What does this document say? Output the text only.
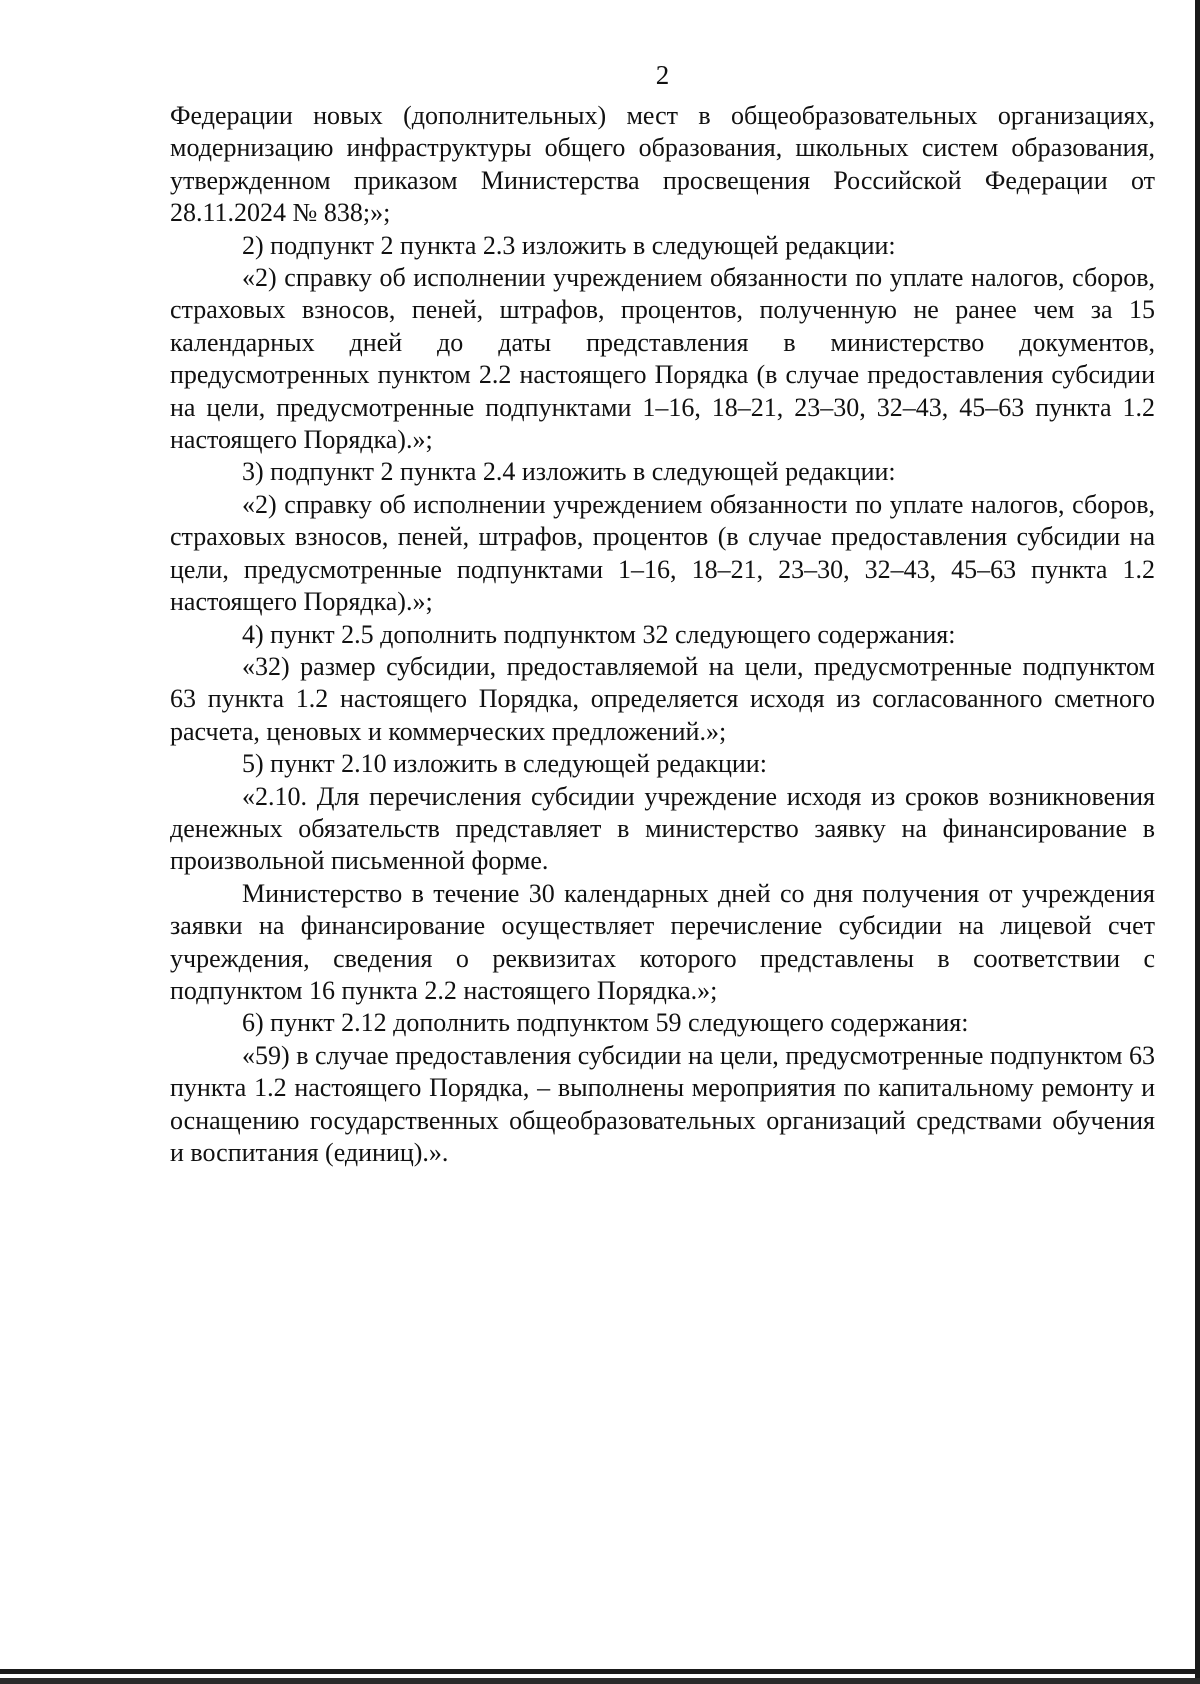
2

Федерации новых (дополнительных) мест в общеобразовательных организациях, модернизацию инфраструктуры общего образования, школьных систем образования, утвержденном приказом Министерства просвещения Российской Федерации от 28.11.2024 № 838;»;

2) подпункт 2 пункта 2.3 изложить в следующей редакции:

«2) справку об исполнении учреждением обязанности по уплате налогов, сборов, страховых взносов, пеней, штрафов, процентов, полученную не ранее чем за 15 календарных дней до даты представления в министерство документов, предусмотренных пунктом 2.2 настоящего Порядка (в случае предоставления субсидии на цели, предусмотренные подпунктами 1–16, 18–21, 23–30, 32–43, 45–63 пункта 1.2 настоящего Порядка).»;

3) подпункт 2 пункта 2.4 изложить в следующей редакции:

«2) справку об исполнении учреждением обязанности по уплате налогов, сборов, страховых взносов, пеней, штрафов, процентов (в случае предоставления субсидии на цели, предусмотренные подпунктами 1–16, 18–21, 23–30, 32–43, 45–63 пункта 1.2 настоящего Порядка).»;

4) пункт 2.5 дополнить подпунктом 32 следующего содержания:

«32) размер субсидии, предоставляемой на цели, предусмотренные подпунктом 63 пункта 1.2 настоящего Порядка, определяется исходя из согласованного сметного расчета, ценовых и коммерческих предложений.»;

5) пункт 2.10 изложить в следующей редакции:

«2.10. Для перечисления субсидии учреждение исходя из сроков возникновения денежных обязательств представляет в министерство заявку на финансирование в произвольной письменной форме.

Министерство в течение 30 календарных дней со дня получения от учреждения заявки на финансирование осуществляет перечисление субсидии на лицевой счет учреждения, сведения о реквизитах которого представлены в соответствии с подпунктом 16 пункта 2.2 настоящего Порядка.»;

6) пункт 2.12 дополнить подпунктом 59 следующего содержания:

«59) в случае предоставления субсидии на цели, предусмотренные подпунктом 63 пункта 1.2 настоящего Порядка, – выполнены мероприятия по капитальному ремонту и оснащению государственных общеобразовательных организаций средствами обучения и воспитания (единиц).».
